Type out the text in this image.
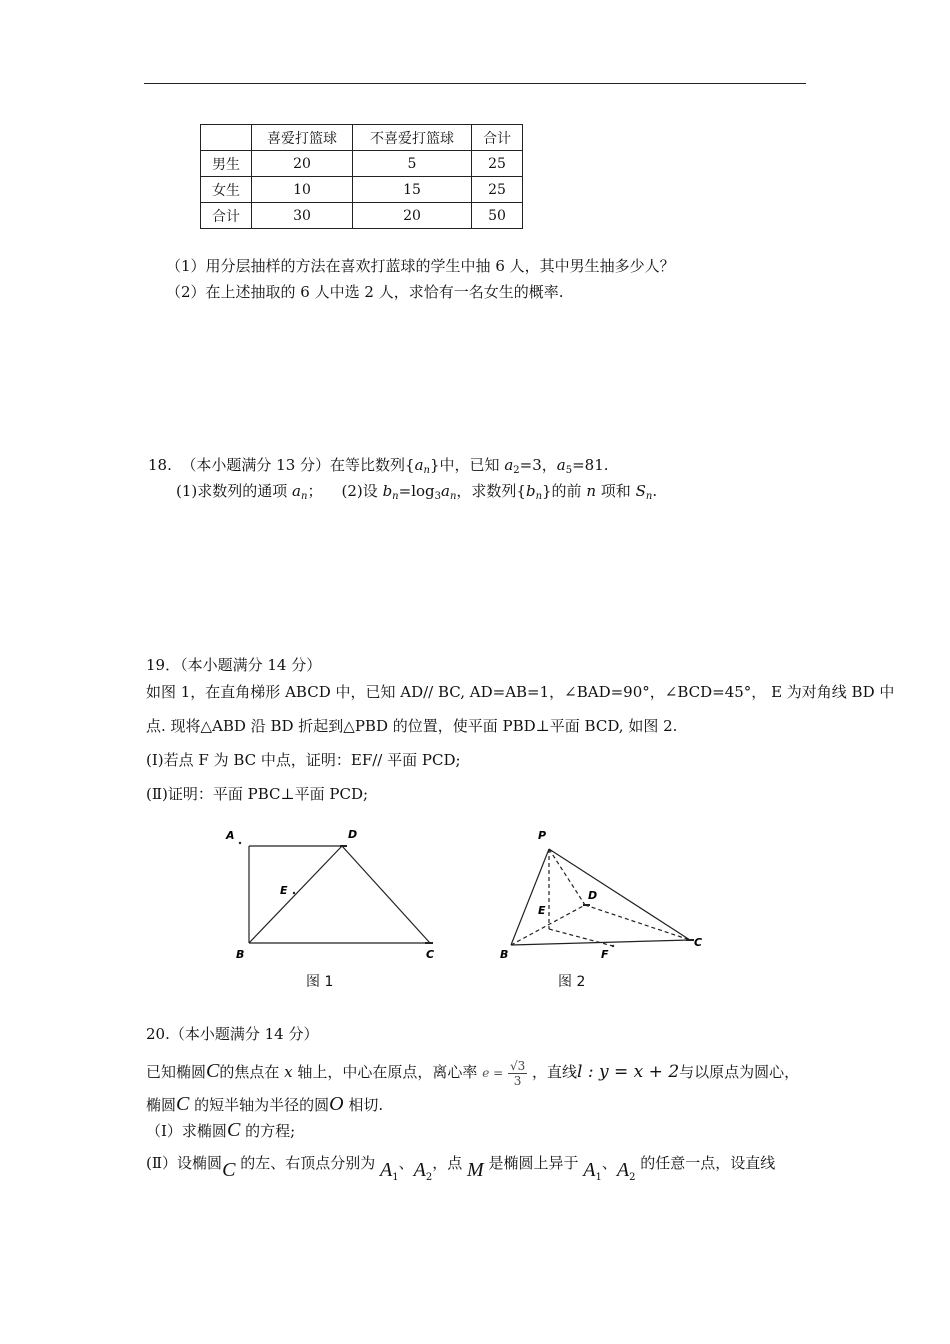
	喜爱打篮球	不喜爱打篮球	合计
男生	20	5	25
女生	10	15	25
合计	30	20	50
（1）用分层抽样的方法在喜欢打蓝球的学生中抽 6 人，其中男生抽多少人？
（2）在上述抽取的 6 人中选 2 人，求恰有一名女生的概率.
18. （本小题满分 13 分）在等比数列$\{a_n\}$中，已知 $a_2=3$，$a_5=81$.
(1)求数列的通项 $a_n$； (2)设 $b_n=\log_3a_n$，求数列$\{b_n\}$的前 n 项和 $S_n$.
19．（本小题满分 14 分）
如图 1，在直角梯形 ABCD 中，已知 AD// BC, AD=AB=1，∠BAD=90°，∠BCD=45°， E 为对角线 BD 中
点. 现将△ABD 沿 BD 折起到△PBD 的位置，使平面 PBD⊥平面 BCD, 如图 2.
(Ⅰ)若点 F 为 BC 中点，证明：EF// 平面 PCD;
(Ⅱ)证明：平面 PBC⊥平面 PCD;
A	D
E
B	C
图 1
P
D
E
B	F
C
图 2
20.（本小题满分 14 分）
已知椭圆C的焦点在 x 轴上，中心在原点，离心率 $e = \frac{√3}{3}$ ，直线l : y = x + 2与以原点为圆心，
椭圆C 的短半轴为半径的圆O 相切.
（Ⅰ）求椭圆C 的方程;
(Ⅱ）设椭圆C 的左、右顶点分别为 $A_1$、$A_2$，点 M 是椭圆上异于 $A_1$、$A_2$ 的任意一点，设直线
